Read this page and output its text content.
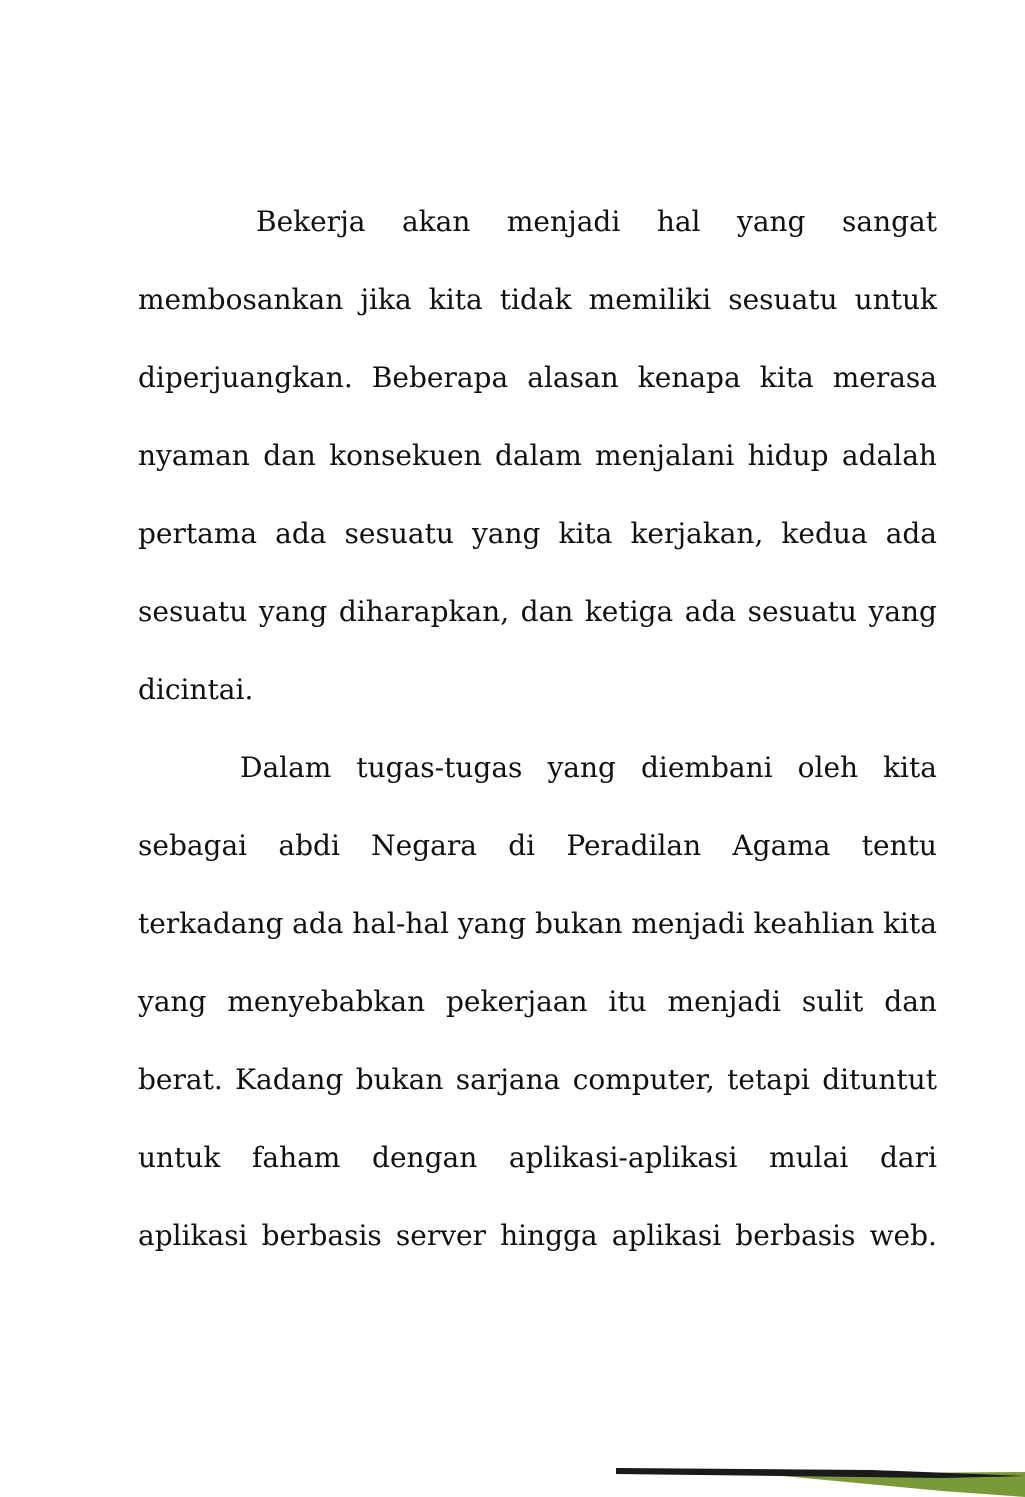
Bekerja akan menjadi hal yang sangat
membosankan jika kita tidak memiliki sesuatu untuk
diperjuangkan. Beberapa alasan kenapa kita merasa
nyaman dan konsekuen dalam menjalani hidup adalah
pertama ada sesuatu yang kita kerjakan, kedua ada
sesuatu yang diharapkan, dan ketiga ada sesuatu yang
dicintai.
Dalam tugas-tugas yang diembani oleh kita
sebagai abdi Negara di Peradilan Agama tentu
terkadang ada hal-hal yang bukan menjadi keahlian kita
yang menyebabkan pekerjaan itu menjadi sulit dan
berat. Kadang bukan sarjana computer, tetapi dituntut
untuk faham dengan aplikasi-aplikasi mulai dari
aplikasi berbasis server hingga aplikasi berbasis web.
